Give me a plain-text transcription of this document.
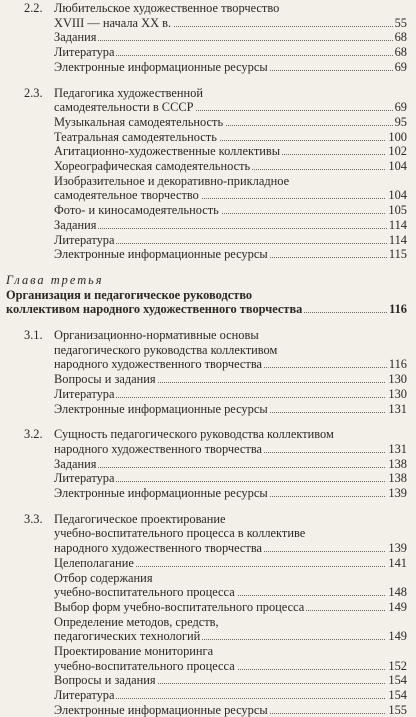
2.2. Любительское художественное творчество
XVIII — начала XX в.	55
Задания	68
Литература	68
Электронные информационные ресурсы	69
2.3. Педагогика художественной
самодеятельности в СССР	69
Музыкальная самодеятельность	95
Театральная самодеятельность	100
Агитационно-художественные коллективы	102
Хореографическая самодеятельность	104
Изобразительное и декоративно-прикладное
самодеятельное творчество	104
Фото- и киносамодеятельность	105
Задания	114
Литература	114
Электронные информационные ресурсы	115
Глава третья
Организация и педагогическое руководство
коллективом народного художественного творчества	116
3.1. Организационно-нормативные основы
педагогического руководства коллективом
народного художественного творчества	116
Вопросы и задания	130
Литература	130
Электронные информационные ресурсы	131
3.2. Сущность педагогического руководства коллективом
народного художественного творчества	131
Задания	138
Литература	138
Электронные информационные ресурсы	139
3.3. Педагогическое проектирование
учебно-воспитательного процесса в коллективе
народного художественного творчества	139
Целеполагание	141
Отбор содержания
учебно-воспитательного процесса	148
Выбор форм учебно-воспитательного процесса	149
Определение методов, средств,
педагогических технологий	149
Проектирование мониторинга
учебно-воспитательного процесса	152
Вопросы и задания	154
Литература	154
Электронные информационные ресурсы	155
